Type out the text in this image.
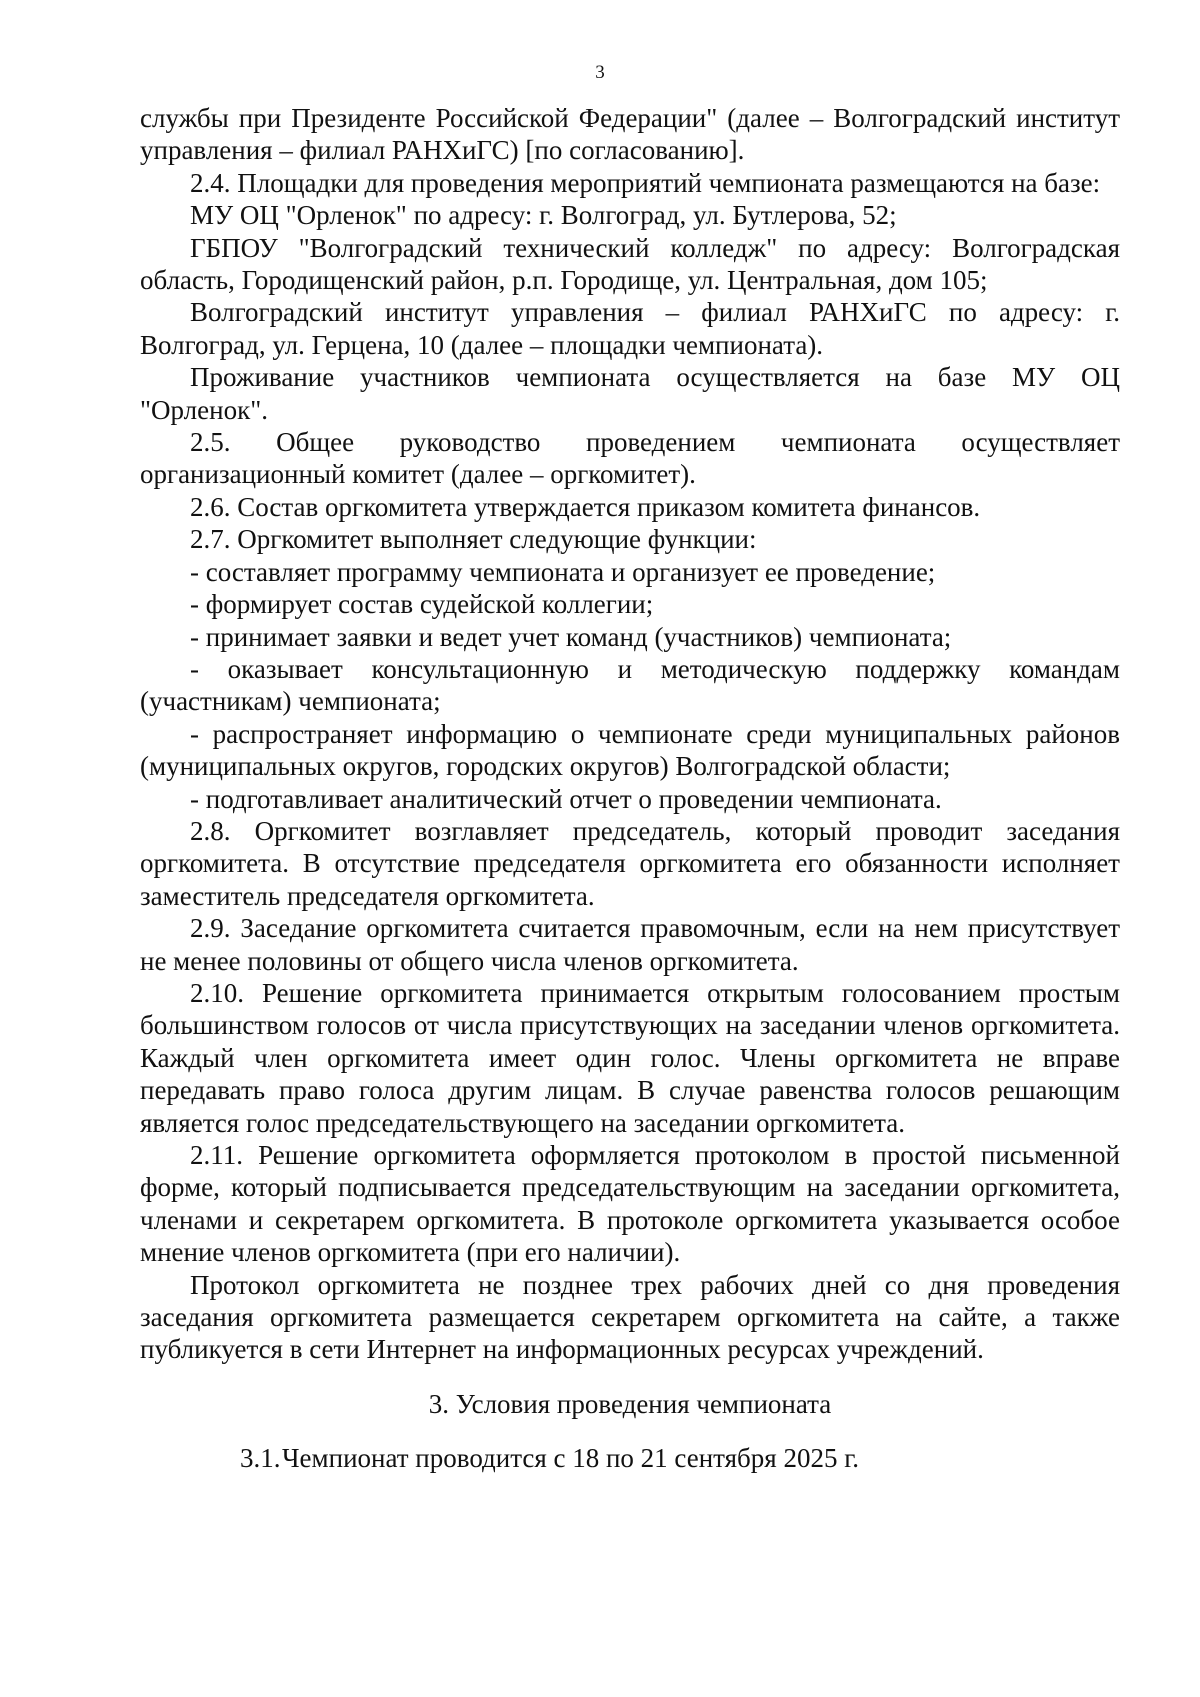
3

службы при Президенте Российской Федерации" (далее – Волгоградский институт управления – филиал РАНХиГС) [по согласованию].

2.4. Площадки для проведения мероприятий чемпионата размещаются на базе:

МУ ОЦ "Орленок" по адресу: г. Волгоград, ул. Бутлерова, 52;

ГБПОУ "Волгоградский технический колледж" по адресу: Волгоградская область, Городищенский район, р.п. Городище, ул. Центральная, дом 105;

Волгоградский институт управления – филиал РАНХиГС по адресу: г. Волгоград, ул. Герцена, 10 (далее – площадки чемпионата).

Проживание участников чемпионата осуществляется на базе МУ ОЦ "Орленок".

2.5. Общее руководство проведением чемпионата осуществляет организационный комитет (далее – оргкомитет).

2.6. Состав оргкомитета утверждается приказом комитета финансов.

2.7. Оргкомитет выполняет следующие функции:

- составляет программу чемпионата и организует ее проведение;

- формирует состав судейской коллегии;

- принимает заявки и ведет учет команд (участников) чемпионата;

- оказывает консультационную и методическую поддержку командам (участникам) чемпионата;

- распространяет информацию о чемпионате среди муниципальных районов (муниципальных округов, городских округов) Волгоградской области;

- подготавливает аналитический отчет о проведении чемпионата.

2.8. Оргкомитет возглавляет председатель, который проводит заседания оргкомитета. В отсутствие председателя оргкомитета его обязанности исполняет заместитель председателя оргкомитета.

2.9. Заседание оргкомитета считается правомочным, если на нем присутствует не менее половины от общего числа членов оргкомитета.

2.10. Решение оргкомитета принимается открытым голосованием простым большинством голосов от числа присутствующих на заседании членов оргкомитета. Каждый член оргкомитета имеет один голос. Члены оргкомитета не вправе передавать право голоса другим лицам. В случае равенства голосов решающим является голос председательствующего на заседании оргкомитета.

2.11. Решение оргкомитета оформляется протоколом в простой письменной форме, который подписывается председательствующим на заседании оргкомитета, членами и секретарем оргкомитета. В протоколе оргкомитета указывается особое мнение членов оргкомитета (при его наличии).

Протокол оргкомитета не позднее трех рабочих дней со дня проведения заседания оргкомитета размещается секретарем оргкомитета на сайте, а также публикуется в сети Интернет на информационных ресурсах учреждений.

3. Условия проведения чемпионата

3.1.Чемпионат проводится с 18 по 21 сентября 2025 г.
